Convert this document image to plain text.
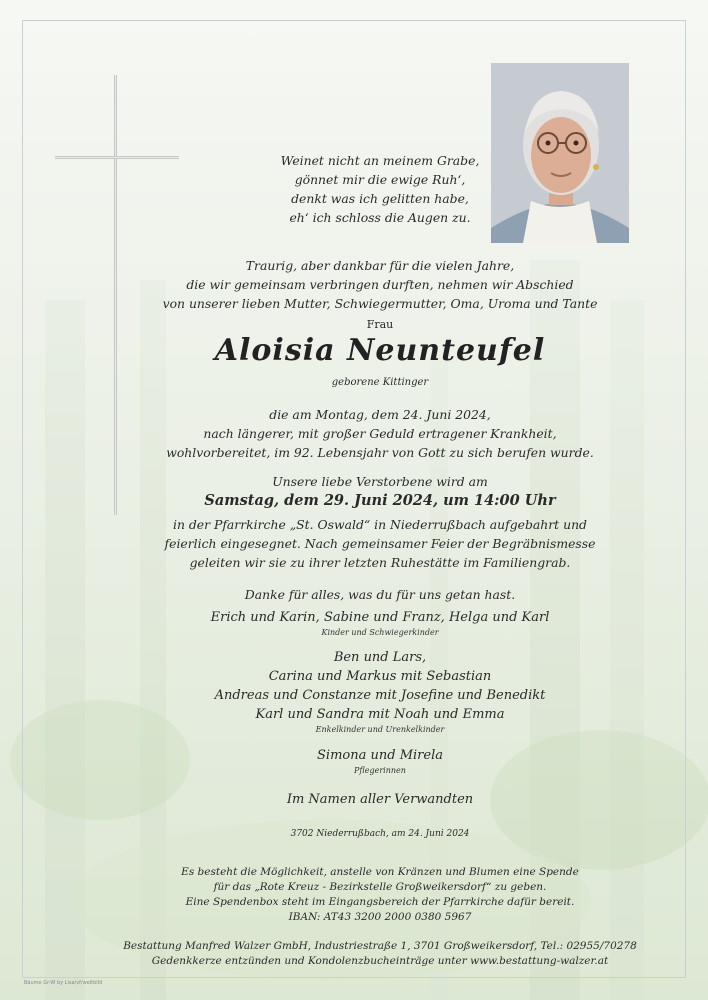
Weinet nicht an meinem Grabe,

gönnet mir die ewige Ruh‘,

denkt was ich gelitten habe,

eh‘ ich schloss die Augen zu.

Traurig, aber dankbar für die vielen Jahre,

die wir gemeinsam verbringen durften, nehmen wir Abschied

von unserer lieben Mutter, Schwiegermutter, Oma, Uroma und Tante

Frau

Aloisia Neunteufel

geborene Kittinger

die am Montag, dem 24. Juni 2024,

nach längerer, mit großer Geduld ertragener Krankheit,

wohlvorbereitet, im 92. Lebensjahr von Gott zu sich berufen wurde.

Unsere liebe Verstorbene wird am

Samstag, dem 29. Juni 2024, um 14:00 Uhr

in der Pfarrkirche „St. Oswald“ in Niederrußbach aufgebahrt und

feierlich eingesegnet. Nach gemeinsamer Feier der Begräbnismesse

geleiten wir sie zu ihrer letzten Ruhestätte im Familiengrab.

Danke für alles, was du für uns getan hast.

Erich und Karin, Sabine und Franz, Helga und Karl

Kinder und Schwiegerkinder

Ben und Lars,

Carina und Markus mit Sebastian

Andreas und Constanze mit Josefine und Benedikt

Karl und Sandra mit Noah und Emma

Enkelkinder und Urenkelkinder

Simona und Mirela

Pflegerinnen

Im Namen aller Verwandten

3702 Niederrußbach, am 24. Juni 2024

Es besteht die Möglichkeit, anstelle von Kränzen und Blumen eine Spende

für das „Rote Kreuz - Bezirkstelle Großweikersdorf“ zu geben.

Eine Spendenbox steht im Eingangsbereich der Pfarrkirche dafür bereit.

IBAN: AT43 3200 2000 0380 5967

Bestattung Manfred Walzer GmbH, Industriestraße 1, 3701 Großweikersdorf, Tel.: 02955/70278

Gedenkkerze entzünden und Kondolenzbucheinträge unter www.bestattung-walzer.at

Bäume Gr-W by Lisa/vf/weltbild
